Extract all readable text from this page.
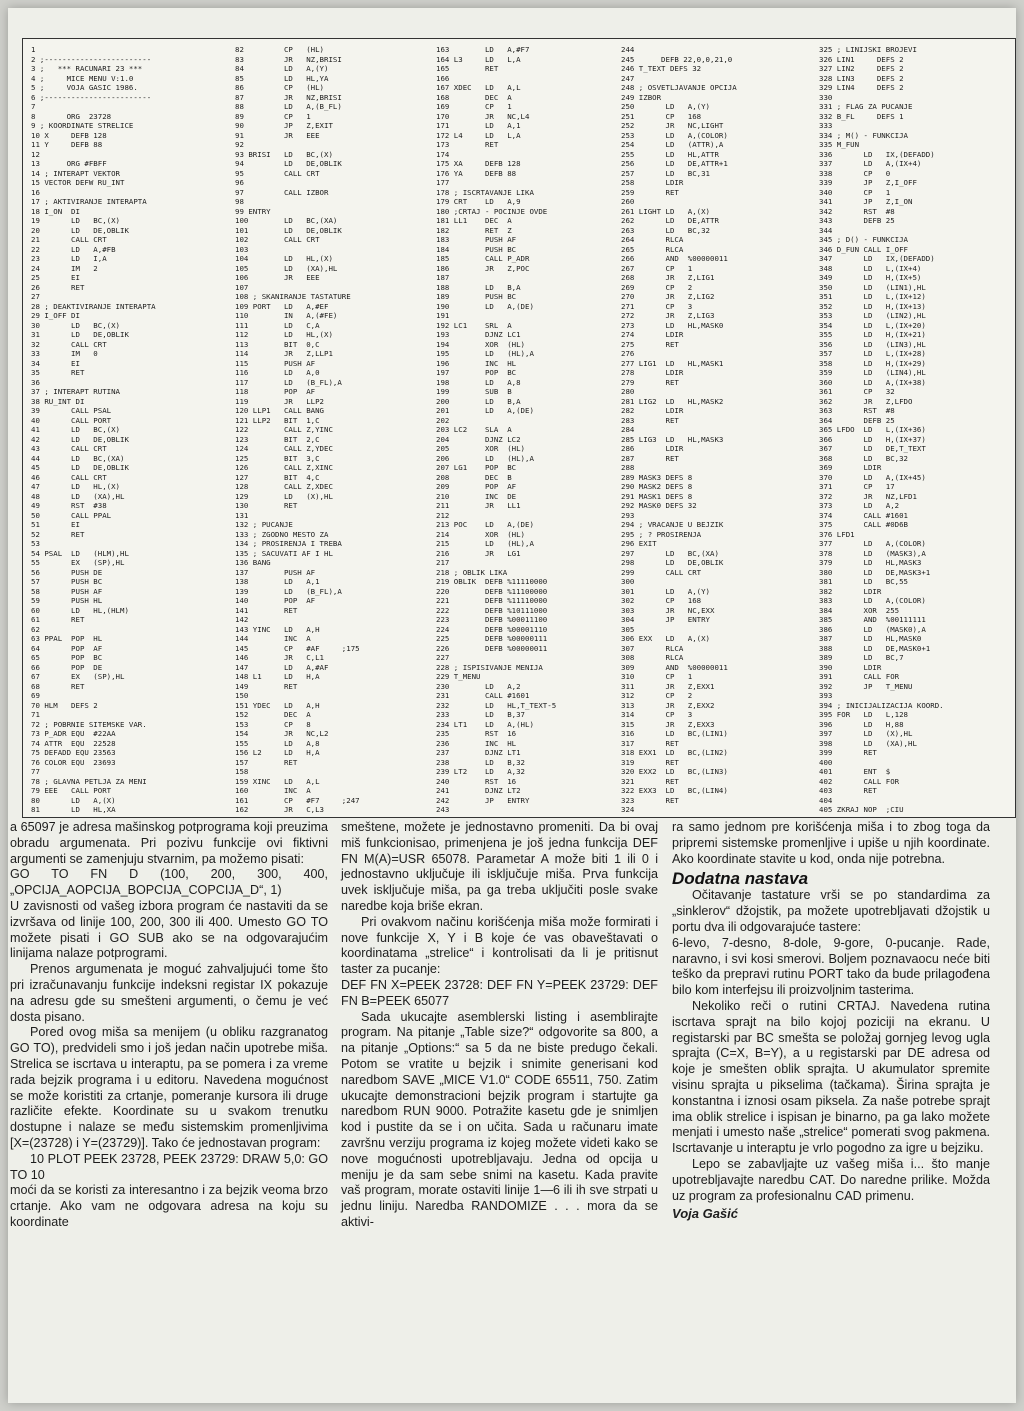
1
2 ;------------------------
3 ;   *** RACUNARI 23 ***
4 ;     MICE MENU V:1.0
5 ;     VOJA GASIC 1986.
6 ;------------------------
7
8       ORG  23728
9 ; KOORDINATE STRELICE
10 X     DEFB 128
11 Y     DEFB 88
12
13      ORG #FBFF
14 ; INTERAPT VEKTOR
15 VECTOR DEFW RU_INT
16
17 ; AKTIVIRANJE INTERAPTA
18 I_ON  DI
19       LD   BC,(X)
20       LD   DE,OBLIK
21       CALL CRT
22       LD   A,#FB
23       LD   I,A
24       IM   2
25       EI
26       RET
27
28 ; DEAKTIVIRANJE INTERAPTA
29 I_OFF DI
30       LD   BC,(X)
31       LD   DE,OBLIK
32       CALL CRT
33       IM   0
34       EI
35       RET
36
37 ; INTERAPT RUTINA
38 RU_INT DI
39       CALL PSAL
40       CALL PORT
41       LD   BC,(X)
42       LD   DE,OBLIK
43       CALL CRT
44       LD   BC,(XA)
45       LD   DE,OBLIK
46       CALL CRT
47       LD   HL,(X)
48       LD   (XA),HL
49       RST  #38
50       CALL PPAL
51       EI
52       RET
53
54 PSAL  LD   (HLM),HL
55       EX   (SP),HL
56       PUSH DE
57       PUSH BC
58       PUSH AF
59       PUSH HL
60       LD   HL,(HLM)
61       RET
62
63 PPAL  POP  HL
64       POP  AF
65       POP  BC
66       POP  DE
67       EX   (SP),HL
68       RET
69
70 HLM   DEFS 2
71
72 ; POBRNIE SITEMSKE VAR.
73 P_ADR EQU  #22AA
74 ATTR  EQU  22528
75 DEFADD EQU 23563
76 COLOR EQU  23693
77
78 ; GLAVNA PETLJA ZA MENI
79 EEE   CALL PORT
80       LD   A,(X)
81       LD   HL,XA
82         CP   (HL)
83         JR   NZ,BRISI
84         LD   A,(Y)
85         LD   HL,YA
86         CP   (HL)
87         JR   NZ,BRISI
88         LD   A,(B_FL)
89         CP   1
90         JP   Z,EXIT
91         JR   EEE
92
93 BRISI   LD   BC,(X)
94         LD   DE,OBLIK
95         CALL CRT
96
97         CALL IZBOR
98
99 ENTRY
100        LD   BC,(XA)
101        LD   DE,OBLIK
102        CALL CRT
103
104        LD   HL,(X)
105        LD   (XA),HL
106        JR   EEE
107
108 ; SKANIRANJE TASTATURE
109 PORT   LD   A,#EF
110        IN   A,(#FE)
111        LD   C,A
112        LD   HL,(X)
113        BIT  0,C
114        JR   Z,LLP1
115        PUSH AF
116        LD   A,0
117        LD   (B_FL),A
118        POP  AF
119        JR   LLP2
120 LLP1   CALL BANG
121 LLP2   BIT  1,C
122        CALL Z,YINC
123        BIT  2,C
124        CALL Z,YDEC
125        BIT  3,C
126        CALL Z,XINC
127        BIT  4,C
128        CALL Z,XDEC
129        LD   (X),HL
130        RET
131
132 ; PUCANJE
133 ; ZGODNO MESTO ZA
134 ; PROSIRENJA I TREBA
135 ; SACUVATI AF I HL
136 BANG
137        PUSH AF
138        LD   A,1
139        LD   (B_FL),A
140        POP  AF
141        RET
142
143 YINC   LD   A,H
144        INC  A
145        CP   #AF     ;175
146        JR   C,L1
147        LD   A,#AF
148 L1     LD   H,A
149        RET
150
151 YDEC   LD   A,H
152        DEC  A
153        CP   8
154        JR   NC,L2
155        LD   A,8
156 L2     LD   H,A
157        RET
158
159 XINC   LD   A,L
160        INC  A
161        CP   #F7     ;247
162        JR   C,L3
163        LD   A,#F7
164 L3     LD   L,A
165        RET
166
167 XDEC   LD   A,L
168        DEC  A
169        CP   1
170        JR   NC,L4
171        LD   A,1
172 L4     LD   L,A
173        RET
174
175 XA     DEFB 128
176 YA     DEFB 88
177
178 ; ISCRTAVANJE LIKA
179 CRT    LD   A,9
180 ;CRTAJ - POCINJE OVDE
181 LL1    DEC  A
182        RET  Z
183        PUSH AF
184        PUSH BC
185        CALL P_ADR
186        JR   Z,POC
187
188        LD   B,A
189        PUSH BC
190        LD   A,(DE)
191
192 LC1    SRL  A
193        DJNZ LC1
194        XOR  (HL)
195        LD   (HL),A
196        INC  HL
197        POP  BC
198        LD   A,8
199        SUB  B
200        LD   B,A
201        LD   A,(DE)
202
203 LC2    SLA  A
204        DJNZ LC2
205        XOR  (HL)
206        LD   (HL),A
207 LG1    POP  BC
208        DEC  B
209        POP  AF
210        INC  DE
211        JR   LL1
212
213 POC    LD   A,(DE)
214        XOR  (HL)
215        LD   (HL),A
216        JR   LG1
217
218 ; OBLIK LIKA
219 OBLIK  DEFB %11110000
220        DEFB %11100000
221        DEFB %11110000
222        DEFB %10111000
223        DEFB %00011100
224        DEFB %00001110
225        DEFB %00000111
226        DEFB %00000011
227
228 ; ISPISIVANJE MENIJA
229 T_MENU
230        LD   A,2
231        CALL #1601
232        LD   HL,T_TEXT-5
233        LD   B,37
234 LT1    LD   A,(HL)
235        RST  16
236        INC  HL
237        DJNZ LT1
238        LD   B,32
239 LT2    LD   A,32
240        RST  16
241        DJNZ LT2
242        JP   ENTRY
243
244
245      DEFB 22,0,0,21,0
246 T_TEXT DEFS 32
247
248 ; OSVETLJAVANJE OPCIJA
249 IZBOR
250       LD   A,(Y)
251       CP   168
252       JR   NC,LIGHT
253       LD   A,(COLOR)
254       LD   (ATTR),A
255       LD   HL,ATTR
256       LD   DE,ATTR+1
257       LD   BC,31
258       LDIR
259       RET
260
261 LIGHT LD   A,(X)
262       LD   DE,ATTR
263       LD   BC,32
264       RLCA
265       RLCA
266       AND  %00000011
267       CP   1
268       JR   Z,LIG1
269       CP   2
270       JR   Z,LIG2
271       CP   3
272       JR   Z,LIG3
273       LD   HL,MASK0
274       LDIR
275       RET
276
277 LIG1  LD   HL,MASK1
278       LDIR
279       RET
280
281 LIG2  LD   HL,MASK2
282       LDIR
283       RET
284
285 LIG3  LD   HL,MASK3
286       LDIR
287       RET
288
289 MASK3 DEFS 8
290 MASK2 DEFS 8
291 MASK1 DEFS 8
292 MASK0 DEFS 32
293
294 ; VRACANJE U BEJZIK
295 ; ? PROSIRENJA
296 EXIT
297       LD   BC,(XA)
298       LD   DE,OBLIK
299       CALL CRT
300
301       LD   A,(Y)
302       CP   168
303       JR   NC,EXX
304       JP   ENTRY
305
306 EXX   LD   A,(X)
307       RLCA
308       RLCA
309       AND  %00000011
310       CP   1
311       JR   Z,EXX1
312       CP   2
313       JR   Z,EXX2
314       CP   3
315       JR   Z,EXX3
316       LD   BC,(LIN1)
317       RET
318 EXX1  LD   BC,(LIN2)
319       RET
320 EXX2  LD   BC,(LIN3)
321       RET
322 EXX3  LD   BC,(LIN4)
323       RET
324
325 ; LINIJSKI BROJEVI
326 LIN1     DEFS 2
327 LIN2     DEFS 2
328 LIN3     DEFS 2
329 LIN4     DEFS 2
330
331 ; FLAG ZA PUCANJE
332 B_FL     DEFS 1
333
334 ; M() - FUNKCIJA
335 M_FUN
336       LD   IX,(DEFADD)
337       LD   A,(IX+4)
338       CP   0
339       JP   Z,I_OFF
340       CP   1
341       JP   Z,I_ON
342       RST  #8
343       DEFB 25
344
345 ; D() - FUNKCIJA
346 D_FUN CALL I_OFF
347       LD   IX,(DEFADD)
348       LD   L,(IX+4)
349       LD   H,(IX+5)
350       LD   (LIN1),HL
351       LD   L,(IX+12)
352       LD   H,(IX+13)
353       LD   (LIN2),HL
354       LD   L,(IX+20)
355       LD   H,(IX+21)
356       LD   (LIN3),HL
357       LD   L,(IX+28)
358       LD   H,(IX+29)
359       LD   (LIN4),HL
360       LD   A,(IX+38)
361       CP   32
362       JR   Z,LFDO
363       RST  #8
364       DEFB 25
365 LFDO  LD   L,(IX+36)
366       LD   H,(IX+37)
367       LD   DE,T_TEXT
368       LD   BC,32
369       LDIR
370       LD   A,(IX+45)
371       CP   17
372       JR   NZ,LFD1
373       LD   A,2
374       CALL #1601
375       CALL #0D6B
376 LFD1
377       LD   A,(COLOR)
378       LD   (MASK3),A
379       LD   HL,MASK3
380       LD   DE,MASK3+1
381       LD   BC,55
382       LDIR
383       LD   A,(COLOR)
384       XOR  255
385       AND  %00111111
386       LD   (MASK0),A
387       LD   HL,MASK0
388       LD   DE,MASK0+1
389       LD   BC,7
390       LDIR
391       CALL FOR
392       JP   T_MENU
393
394 ; INICIJALIZACIJA KOORD.
395 FOR   LD   L,128
396       LD   H,88
397       LD   (X),HL
398       LD   (XA),HL
399       RET
400
401       ENT  $
402       CALL FOR
403       RET
404
405 ZKRAJ NOP  ;CIU

a 65097 je adresa mašinskog potprograma koji preuzima obradu argumenata. Pri pozivu funkcije ovi fiktivni argumenti se zamenjuju stvarnim, pa možemo pisati:

GO TO FN D (100, 200, 300, 400, „OPCIJA_AOPCIJA_BOPCIJA_COPCIJA_D“, 1)

U zavisnosti od vašeg izbora program će nastaviti da se izvršava od linije 100, 200, 300 ili 400. Umesto GO TO možete pisati i GO SUB ako se na odgovarajućim linijama nalaze potprogrami.

Prenos argumenata je moguć zahvaljujući tome što pri izračunavanju funkcije indeksni registar IX pokazuje na adresu gde su smešteni argumenti, o čemu je već dosta pisano.

Pored ovog miša sa menijem (u obliku razgranatog GO TO), predvideli smo i još jedan način upotrebe miša. Strelica se iscrtava u interaptu, pa se pomera i za vreme rada bejzik programa i u editoru. Navedena mogućnost se može koristiti za crtanje, pomeranje kursora ili druge različite efekte. Koordinate su u svakom trenutku dostupne i nalaze se među sistemskim promenljivima [X=(23728) i Y=(23729)]. Tako će jednostavan program:

10 PLOT PEEK 23728, PEEK 23729: DRAW 5,0: GO TO 10

moći da se koristi za interesantno i za bejzik veoma brzo crtanje. Ako vam ne odgovara adresa na koju su koordinate

smeštene, možete je jednostavno promeniti. Da bi ovaj miš funkcionisao, primenjena je još jedna funkcija DEF FN M(A)=USR 65078. Parametar A može biti 1 ili 0 i jednostavno uključuje ili isključuje miša. Prva funkcija uvek isključuje miša, pa ga treba uključiti posle svake naredbe koja briše ekran.

Pri ovakvom načinu korišćenja miša može formirati i nove funkcije X, Y i B koje će vas obaveštavati o koordinatama „strelice“ i kontrolisati da li je pritisnut taster za pucanje:

DEF FN X=PEEK 23728: DEF FN Y=PEEK 23729: DEF FN B=PEEK 65077

Sada ukucajte asemblerski listing i asemblirajte program. Na pitanje „Table size?“ odgovorite sa 800, a na pitanje „Options:“ sa 5 da ne biste predugo čekali. Potom se vratite u bejzik i snimite generisani kod naredbom SAVE „MICE V1.0“ CODE 65511, 750. Zatim ukucajte demonstracioni bejzik program i startujte ga naredbom RUN 9000. Potražite kasetu gde je snimljen kod i pustite da se i on učita. Sada u računaru imate završnu verziju programa iz kojeg možete videti kako se nove mogućnosti upotrebljavaju. Jedna od opcija u meniju je da sam sebe snimi na kasetu. Kada pravite vaš program, morate ostaviti linije 1—6 ili ih sve strpati u jednu liniju. Naredba RANDOMIZE . . . mora da se aktivi-

ra samo jednom pre korišćenja miša i to zbog toga da pripremi sistemske promenljive i upiše u njih koordinate. Ako koordinate stavite u kod, onda nije potrebna.

Dodatna nastava

Očitavanje tastature vrši se po standardima za „sinklerov“ džojstik, pa možete upotrebljavati džojstik u portu dva ili odgovarajuće tastere:

6-levo, 7-desno, 8-dole, 9-gore, 0-pucanje. Rade, naravno, i svi kosi smerovi. Boljem poznavaocu neće biti teško da prepravi rutinu PORT tako da bude prilagođena bilo kom interfejsu ili proizvoljnim tasterima.

Nekoliko reči o rutini CRTAJ. Navedena rutina iscrtava sprajt na bilo kojoj poziciji na ekranu. U registarski par BC smešta se položaj gornjeg levog ugla sprajta (C=X, B=Y), a u registarski par DE adresa od koje je smešten oblik sprajta. U akumulator spremite visinu sprajta u pikselima (tačkama). Širina sprajta je konstantna i iznosi osam piksela. Za naše potrebe sprajt ima oblik strelice i ispisan je binarno, pa ga lako možete menjati i umesto naše „strelice“ pomerati svog pakmena. Iscrtavanje u interaptu je vrlo pogodno za igre u bejziku.

Lepo se zabavljajte uz vašeg miša i... što manje upotrebljavajte naredbu CAT. Do naredne prilike. Možda uz program za profesionalnu CAD primenu.

Voja Gašić
